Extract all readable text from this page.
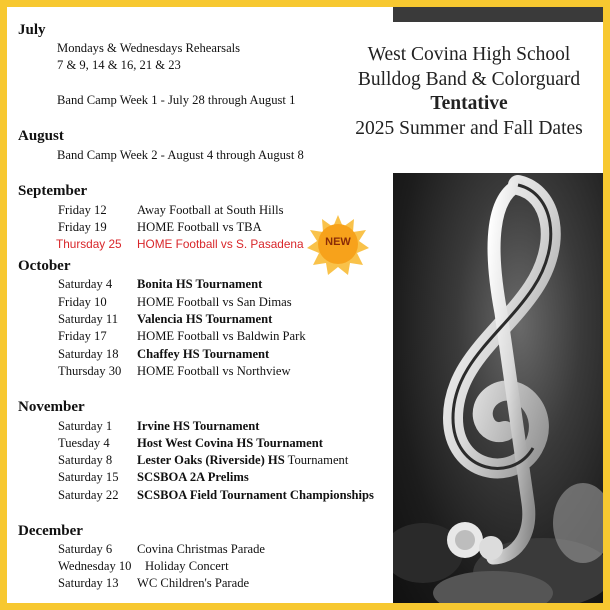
West Covina High School
Bulldog Band & Colorguard
Tentative
2025 Summer and Fall Dates
July
Mondays & Wednesdays Rehearsals
7 & 9, 14 & 16, 21 & 23
Band Camp Week 1 - July 28 through August 1
August
Band Camp Week 2 - August 4 through August 8
September
Friday 12 Away Football at South Hills
Friday 19 HOME Football vs TBA
Thursday 25 HOME Football vs S. Pasadena	NEW
October
Saturday 4 Bonita HS Tournament
Friday 10 HOME Football vs San Dimas
Saturday 11 Valencia HS Tournament
Friday 17 HOME Football vs Baldwin Park
Saturday 18 Chaffey HS Tournament
Thursday 30 HOME Football vs Northview
November
Saturday 1 Irvine HS Tournament
Tuesday 4 Host West Covina HS Tournament
Saturday 8 Lester Oaks (Riverside) HS Tournament
Saturday 15 SCSBOA 2A Prelims
Saturday 22 SCSBOA Field Tournament Championships
December
Saturday 6 Covina Christmas Parade
Wednesday 10 Holiday Concert
Saturday 13 WC Children's Parade
